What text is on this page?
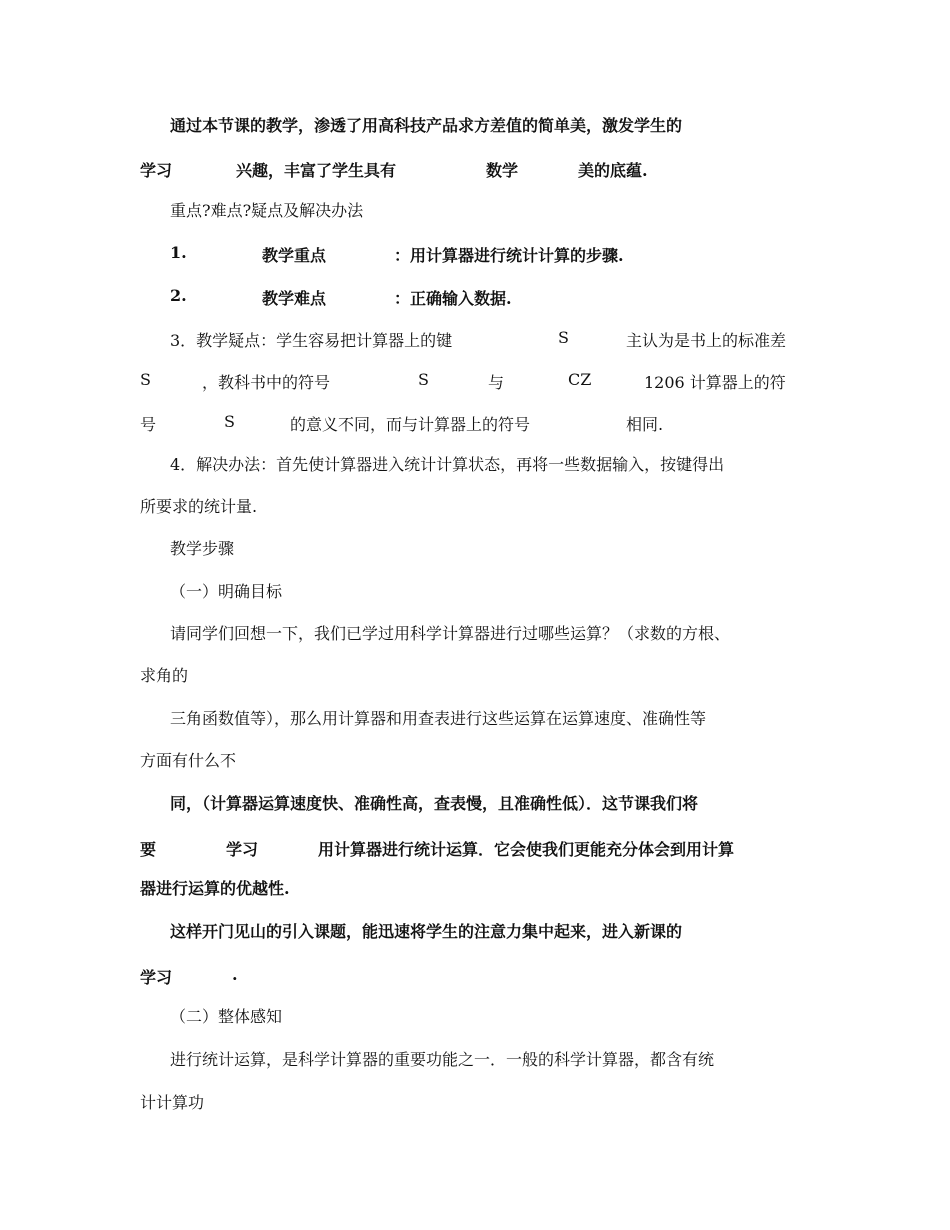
通过本节课的教学，渗透了用高科技产品求方差值的简单美，激发学生的
学习	兴趣，丰富了学生具有	数学	美的底蕴.
重点?难点?疑点及解决办法
1.	教学重点	：用计算器进行统计计算的步骤.
2.	教学难点	：正确输入数据.
3．教学疑点：学生容易把计算器上的键	S	主认为是书上的标准差
S	，教科书中的符号	S	与	CZ	1206 计算器上的符
号	S	的意义不同，而与计算器上的符号	相同.
4．解决办法：首先使计算器进入统计计算状态，再将一些数据输入，按键得出
所要求的统计量.
教学步骤
（一）明确目标
请同学们回想一下，我们已学过用科学计算器进行过哪些运算？（求数的方根、
求角的
三角函数值等），那么用计算器和用查表进行这些运算在运算速度、准确性等
方面有什么不
同，（计算器运算速度快、准确性高，查表慢，且准确性低）．这节课我们将
要	学习	用计算器进行统计运算．它会使我们更能充分体会到用计算
器进行运算的优越性.
这样开门见山的引入课题，能迅速将学生的注意力集中起来，进入新课的
学习	.
（二）整体感知
进行统计运算，是科学计算器的重要功能之一．一般的科学计算器，都含有统
计计算功
